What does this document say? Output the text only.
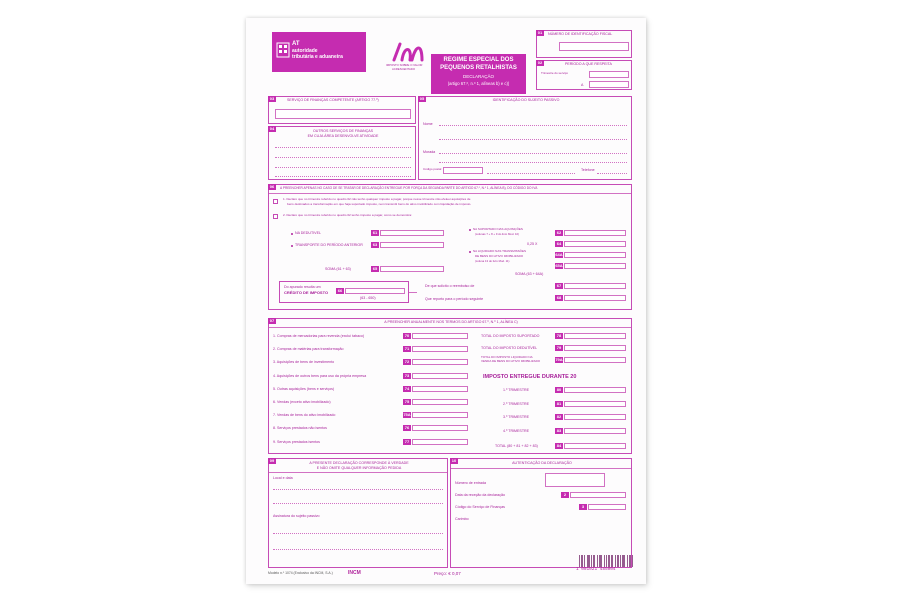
AT
autoridade
tributária e aduaneira
IMPOSTO SOBRE O VALOR
ACRESCENTADO
REGIME ESPECIAL DOS
PEQUENOS RETALHISTAS
DECLARAÇÃO
(artigo 67.º, n.º 1, alíneas b) e c))
01	NÚMERO DE IDENTIFICAÇÃO FISCAL
02	PERÍODO A QUE RESPEITA
Trimestre do serviço
A
03	SERVIÇO DE FINANÇAS COMPETENTE (ARTIGO 77.º)
04	OUTROS SERVIÇOS DE FINANÇAS
EM CUJA ÁREA DESENVOLVE ATIVIDADE
05	IDENTIFICAÇÃO DO SUJEITO PASSIVO
Nome
Morada
Código postal	Telefone
06	A PREENCHER APENAS NO CASO DE SE TRATAR DE DECLARAÇÃO ENTREGUE POR FORÇA DA SEGUNDA PARTE DO ARTIGO 67.º, N.º 1, ALÍNEA B), DO CÓDIGO DO IVA
1. Declaro que no trimestre referido no quadro 02 não tenho qualquer imposto a pagar, porque nesse trimestre não efetuei aquisições de
bens destinados a transformação em que haja suportado imposto, nem transmiti bens do ativo imobilizado com liquidação de imposto.
2. Declaro que no trimestre referido no quadro 02 tenho imposto a pagar, como se demonstra:
NA DEDUTIVEL	61
TRANSPORTE DO PERÍODO ANTERIOR	63
SOMA (61 + 63)	65
NA SUPORTADO NAS AQUISIÇÕES
(colunas 7 + 8 + 9 do livro Mod. 10)	62
0,25 X	64
NA LIQUIDADO NAS TRANSMISSÕES
DE BENS DO ATIVO IMOBILIZADO
(coluna 13 do livro Mod. 11)
64A
65A
SOMA (63 + 64A)
Do apurado resulta um
CRÉDITO DE IMPOSTO	66
(63 - 650)
De que solicito o reembolso de	67
Que reporto para o período seguinte	68
07	A PREENCHER ANUALMENTE NOS TERMOS DO ARTIGO 67.º, N.º 1, ALÍNEA C)
1. Compras de mercadorias para revenda (excluí tabaco)	70
2. Compras de matérias para transformação	71
3. Aquisições de bens de investimento	72
4. Aquisições de outros bens para uso da própria empresa	73
5. Outras aquisições (bens e serviços)	74
6. Vendas (exceto ativo imobilizado)	75
7. Vendas de bens do ativo imobilizado	75A
8. Serviços prestados não isentos	76
9. Serviços prestados isentos	77
TOTAL DO IMPOSTO SUPORTADO	78
TOTAL DO IMPOSTO DEDUTÍVEL	79
TOTAL DO IMPOSTO LIQUIDADO NA
VENDA DE BENS DO ATIVO IMOBILIZADO	79A
IMPOSTO ENTREGUE DURANTE 20
1.º TRIMESTRE	80
2.º TRIMESTRE	81
3.º TRIMESTRE	82
4.º TRIMESTRE	83
TOTAL (80 + 81 + 82 + 83)	84
09	A PRESENTE DECLARAÇÃO CORRESPONDE À VERDADE
E NÃO OMITE QUALQUER INFORMAÇÃO PEDIDA
Local e data
Assinatura do sujeito passivo
10	AUTENTICAÇÃO DA DECLARAÇÃO
Número de entrada
Data da receção da declaração	2
Código do Serviço de Finanças	3
Carimbo
Modelo n.º 1074 (Exclusivo da INCM, S.A.)	INCM	Preço: € 0,07
1 001021 485004
